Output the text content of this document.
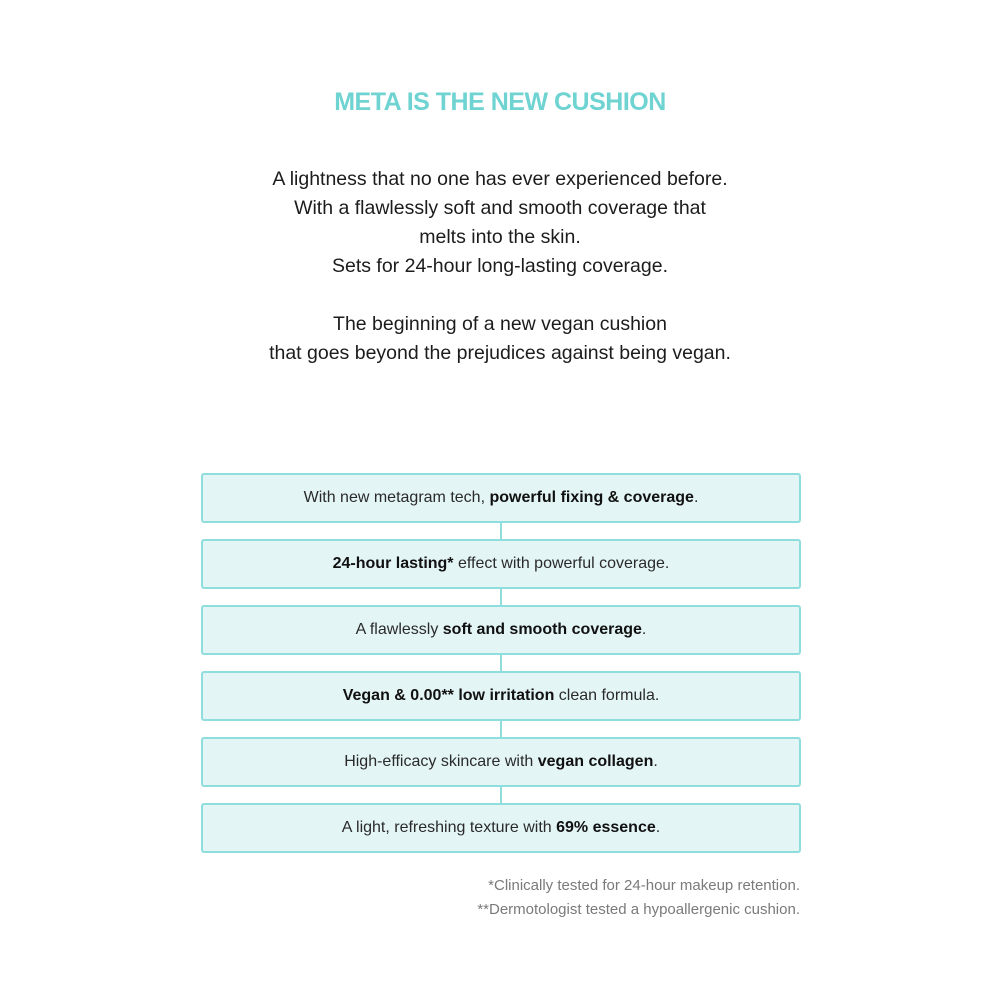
META IS THE NEW CUSHION
A lightness that no one has ever experienced before.
With a flawlessly soft and smooth coverage that
melts into the skin.
Sets for 24-hour long-lasting coverage.
The beginning of a new vegan cushion
that goes beyond the prejudices against being vegan.
With new metagram tech, powerful fixing & coverage.
24-hour lasting* effect with powerful coverage.
A flawlessly soft and smooth coverage.
Vegan & 0.00** low irritation clean formula.
High-efficacy skincare with vegan collagen.
A light, refreshing texture with 69% essence.
*Clinically tested for 24-hour makeup retention.
**Dermotologist tested a hypoallergenic cushion.
